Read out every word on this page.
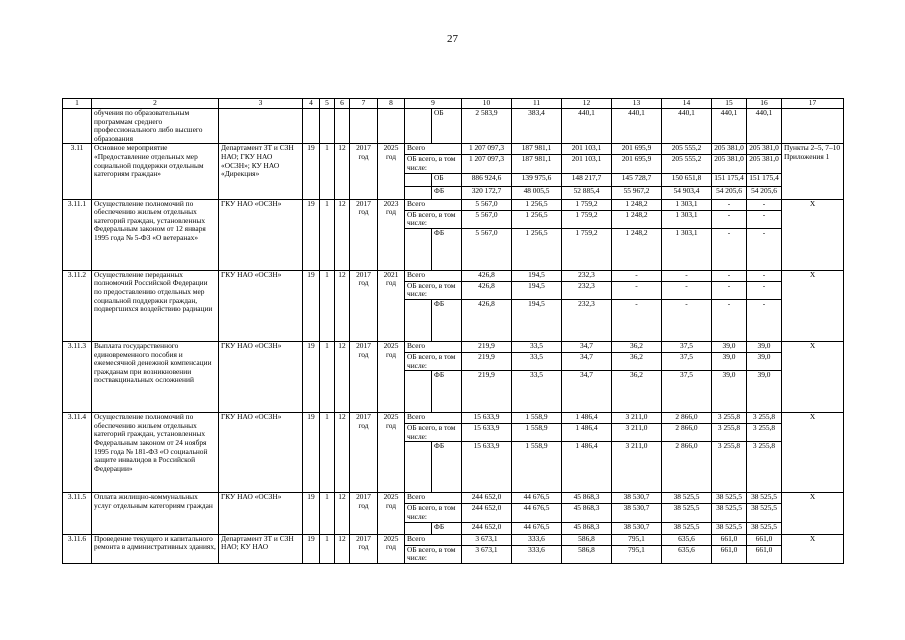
27
1	2	3	4	5	6	7	8	9		10	11	12	13	14	15	16	17
	обучения по образовательным программам среднего профессионального либо высшего образования								ОБ	2 583,9	383,4	440,1	440,1	440,1	440,1	440,1	
3.11	Основное мероприятие «Предоставление отдельных мер социальной поддержки отдельным категориям граждан»	Департамент ЗТ и СЗН НАО; ГКУ НАО «ОСЗН»; КУ НАО «Дирекция»	19	1	12	2017 год	2025 год	Всего		1 207 097,3	187 981,1	201 103,1	201 695,9	205 555,2	205 381,0	205 381,0	Пункты 2–5, 7–10 Приложения 1
								ОБ всего, в том числе:		1 207 097,3	187 981,1	201 103,1	201 695,9	205 555,2	205 381,0	205 381,0	
									ОБ	886 924,6	139 975,6	148 217,7	145 728,7	150 651,8	151 175,4	151 175,4	
									ФБ	320 172,7	48 005,5	52 885,4	55 967,2	54 903,4	54 205,6	54 205,6	
3.11.1	Осуществление полномочий по обеспечению жильем отдельных категорий граждан, установленных Федеральным законом от 12 января 1995 года № 5-ФЗ «О ветеранах»	ГКУ НАО «ОСЗН»	19	1	12	2017 год	2023 год	Всего		5 567,0	1 256,5	1 759,2	1 248,2	1 303,1	-	-	Х
								ОБ всего, в том числе:		5 567,0	1 256,5	1 759,2	1 248,2	1 303,1	-	-	
									ФБ	5 567,0	1 256,5	1 759,2	1 248,2	1 303,1	-	-	
3.11.2	Осуществление переданных полномочий Российской Федерации по предоставлению отдельных мер социальной поддержки граждан, подвергшихся воздействию радиации	ГКУ НАО «ОСЗН»	19	1	12	2017 год	2021 год	Всего		426,8	194,5	232,3	-	-	-	-	Х
								ОБ всего, в том числе:		426,8	194,5	232,3	-	-	-	-	
									ФБ	426,8	194,5	232,3	-	-	-	-	
3.11.3	Выплата государственного единовременного пособия и ежемесячной денежной компенсации гражданам при возникновении поствакцинальных осложнений	ГКУ НАО «ОСЗН»	19	1	12	2017 год	2025 год	Всего		219,9	33,5	34,7	36,2	37,5	39,0	39,0	Х
								ОБ всего, в том числе:		219,9	33,5	34,7	36,2	37,5	39,0	39,0	
									ФБ	219,9	33,5	34,7	36,2	37,5	39,0	39,0	
3.11.4	Осуществление полномочий по обеспечению жильем отдельных категорий граждан, установленных Федеральным законом от 24 ноября 1995 года № 181-ФЗ «О социальной защите инвалидов в Российской Федерации»	ГКУ НАО «ОСЗН»	19	1	12	2017 год	2025 год	Всего		15 633,9	1 558,9	1 486,4	3 211,0	2 866,0	3 255,8	3 255,8	Х
								ОБ всего, в том числе:		15 633,9	1 558,9	1 486,4	3 211,0	2 866,0	3 255,8	3 255,8	
									ФБ	15 633,9	1 558,9	1 486,4	3 211,0	2 866,0	3 255,8	3 255,8	
3.11.5	Оплата жилищно-коммунальных услуг отдельным категориям граждан	ГКУ НАО «ОСЗН»	19	1	12	2017 год	2025 год	Всего		244 652,0	44 676,5	45 868,3	38 530,7	38 525,5	38 525,5	38 525,5	Х
								ОБ всего, в том числе:		244 652,0	44 676,5	45 868,3	38 530,7	38 525,5	38 525,5	38 525,5	
									ФБ	244 652,0	44 676,5	45 868,3	38 530,7	38 525,5	38 525,5	38 525,5	
3.11.6	Проведение текущего и капитального ремонта в административных зданиях,	Департамент ЗТ и СЗН НАО; КУ НАО	19	1	12	2017 год	2025 год	Всего		3 673,1	333,6	586,8	795,1	635,6	661,0	661,0	Х
								ОБ всего, в том числе:		3 673,1	333,6	586,8	795,1	635,6	661,0	661,0	
